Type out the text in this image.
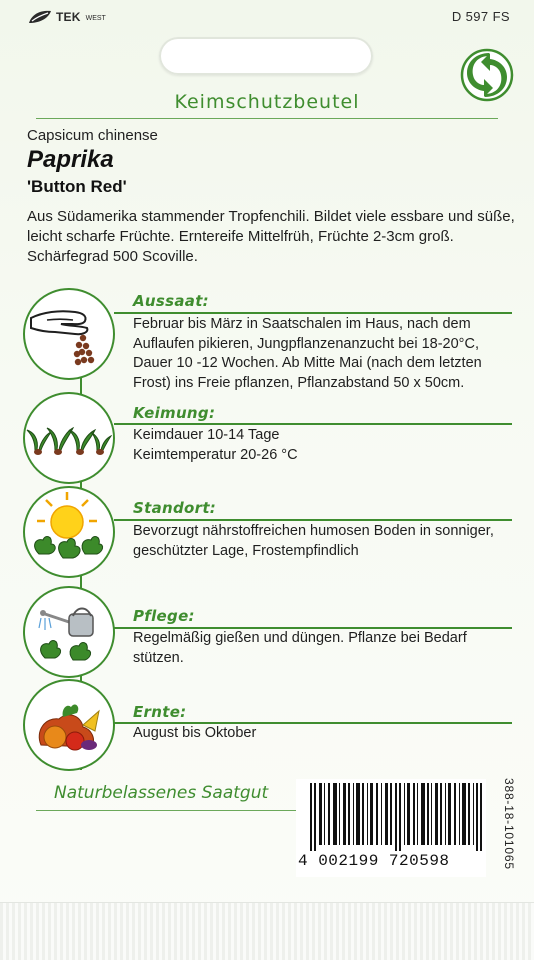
TEK WEST	D 597 FS
Keimschutzbeutel
Capsicum chinense
Paprika
'Button Red'
Aus Südamerika stammender Tropfenchili. Bildet viele essbare und süße, leicht scharfe Früchte. Erntereife Mittelfrüh, Früchte 2-3cm groß. Schärfegrad 500 Scoville.
Aussaat:
Februar bis März in Saatschalen im Haus, nach dem Auflaufen pikieren, Jungpflanzenanzucht bei 18-20°C, Dauer 10 -12 Wochen. Ab Mitte Mai (nach dem letzten Frost) ins Freie pflanzen, Pflanzabstand 50 x 50cm.
Keimung:
Keimdauer 10-14 Tage
Keimtemperatur 20-26 °C
Standort:
Bevorzugt nährstoffreichen humosen Boden in sonniger, geschützter Lage, Frostempfindlich
Pflege:
Regelmäßig gießen und düngen. Pflanze bei Bedarf stützen.
Ernte:
August bis Oktober
Naturbelassenes Saatgut
4 002199 720598	388-18-101065
